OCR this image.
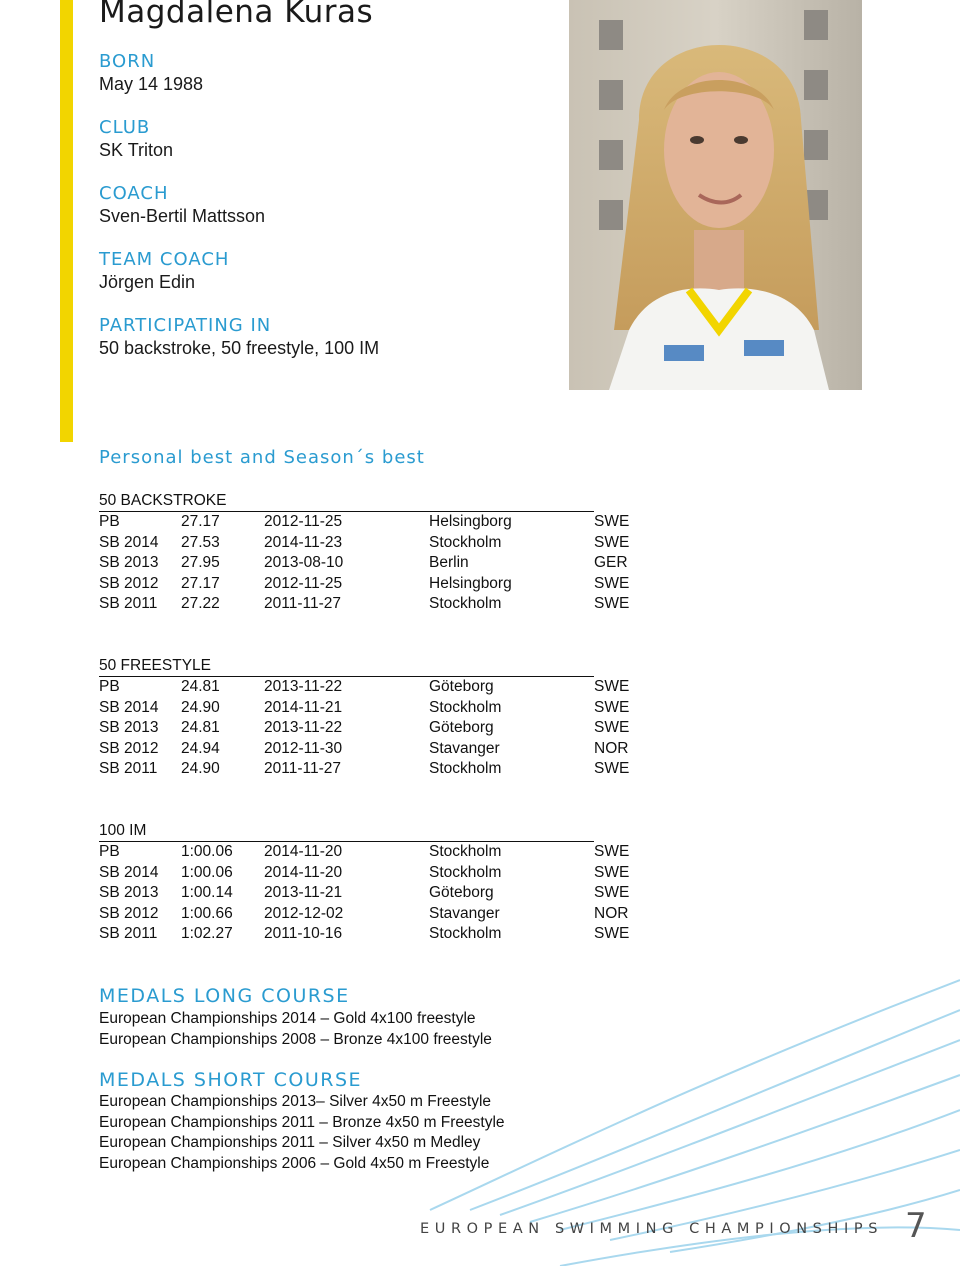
Magdalena Kuras
BORN
May 14 1988
CLUB
SK Triton
COACH
Sven-Bertil Mattsson
TEAM COACH
Jörgen Edin
PARTICIPATING IN
50 backstroke, 50 freestyle, 100 IM
Personal best and Season´s best
50 BACKSTROKE
PB	27.17	2012-11-25	Helsingborg	SWE
SB 2014 27.53	2014-11-23	Stockholm	SWE
SB 2013 27.95	2013-08-10	Berlin	GER
SB 2012 27.17	2012-11-25	Helsingborg	SWE
SB 2011 27.22	2011-11-27	Stockholm	SWE
50 FREESTYLE
PB	24.81	2013-11-22	Göteborg	SWE
SB 2014 24.90	2014-11-21	Stockholm	SWE
SB 2013 24.81	2013-11-22	Göteborg	SWE
SB 2012 24.94	2012-11-30	Stavanger	NOR
SB 2011 24.90	2011-11-27	Stockholm	SWE
100 IM
PB	1:00.06 2014-11-20	Stockholm	SWE
SB 2014 1:00.06 2014-11-20	Stockholm	SWE
SB 2013 1:00.14 2013-11-21	Göteborg	SWE
SB 2012 1:00.66 2012-12-02	Stavanger	NOR
SB 2011 1:02.27 2011-10-16	Stockholm	SWE
MEDALS LONG COURSE
European Championships 2014 – Gold 4x100 freestyle
European Championships 2008 – Bronze 4x100 freestyle
MEDALS SHORT COURSE
European Championships 2013– Silver 4x50 m Freestyle
European Championships 2011 – Bronze 4x50 m Freestyle
European Championships 2011 – Silver 4x50 m Medley
European Championships 2006 – Gold 4x50 m Freestyle
EUROPEAN SWIMMING CHAMPIONSHIPS 7
